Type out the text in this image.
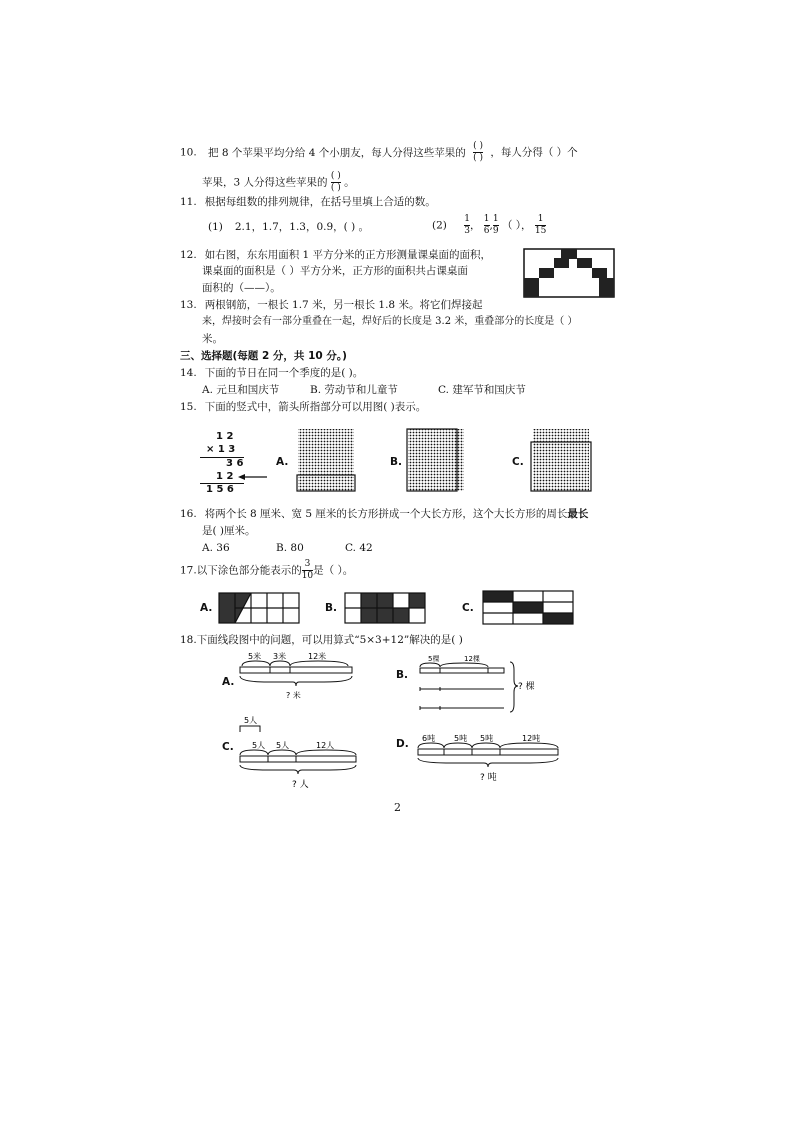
10. 把 8 个苹果平均分给 4 个小朋友，每人分得这些苹果的 $\frac{( )}{( )}$ ，每人分得（ ）个
苹果，3 人分得这些苹果的 $\frac{( )}{( )}$ 。
11. 根据每组数的排列规律，在括号里填上合适的数。
(1) 2.1，1.7，1.3，0.9，( ) 。	$(2) \frac{1}{3}$ ， $\frac{1}{6}$ , $\frac{1}{9}$ （ ）， $\frac{1}{15}$
12. 如右图，东东用面积 1 平方分米的正方形测量课桌面的面积，
课桌面的面积是（ ）平方分米，正方形的面积共占课桌面
面积的（——）。
13. 两根钢筋，一根长 1.7 米，另一根长 1.8 米。将它们焊接起
来，焊接时会有一部分重叠在一起，焊好后的长度是 3.2 米，重叠部分的长度是（ ）
米。
三、选择题(每题 2 分，共 10 分。)
14. 下面的节日在同一个季度的是( )。
A. 元旦和国庆节	B. 劳动节和儿童节	C. 建军节和国庆节
15. 下面的竖式中，箭头所指部分可以用图( )表示。
1 2
× 1 3
3 6
1 2
1 5 6
A.	B.	C.
16. 将两个长 8 厘米、宽 5 厘米的长方形拼成一个大长方形，这个大长方形的周长最长
是( )厘米。
A. 36	B. 80	C. 42
17.以下涂色部分能表示的 $\frac{3}{10}$ 是（ ）。
A.	B.	C.
18.下面线段图中的问题，可以用算式“5×3+12”解决的是( )
A.
5米 3米	12米
? 米
B.
5棵	12棵
? 棵
5人
5人 5人	12人
? 人
C.	D. 6吨 5吨 5吨	12吨
? 吨
2
